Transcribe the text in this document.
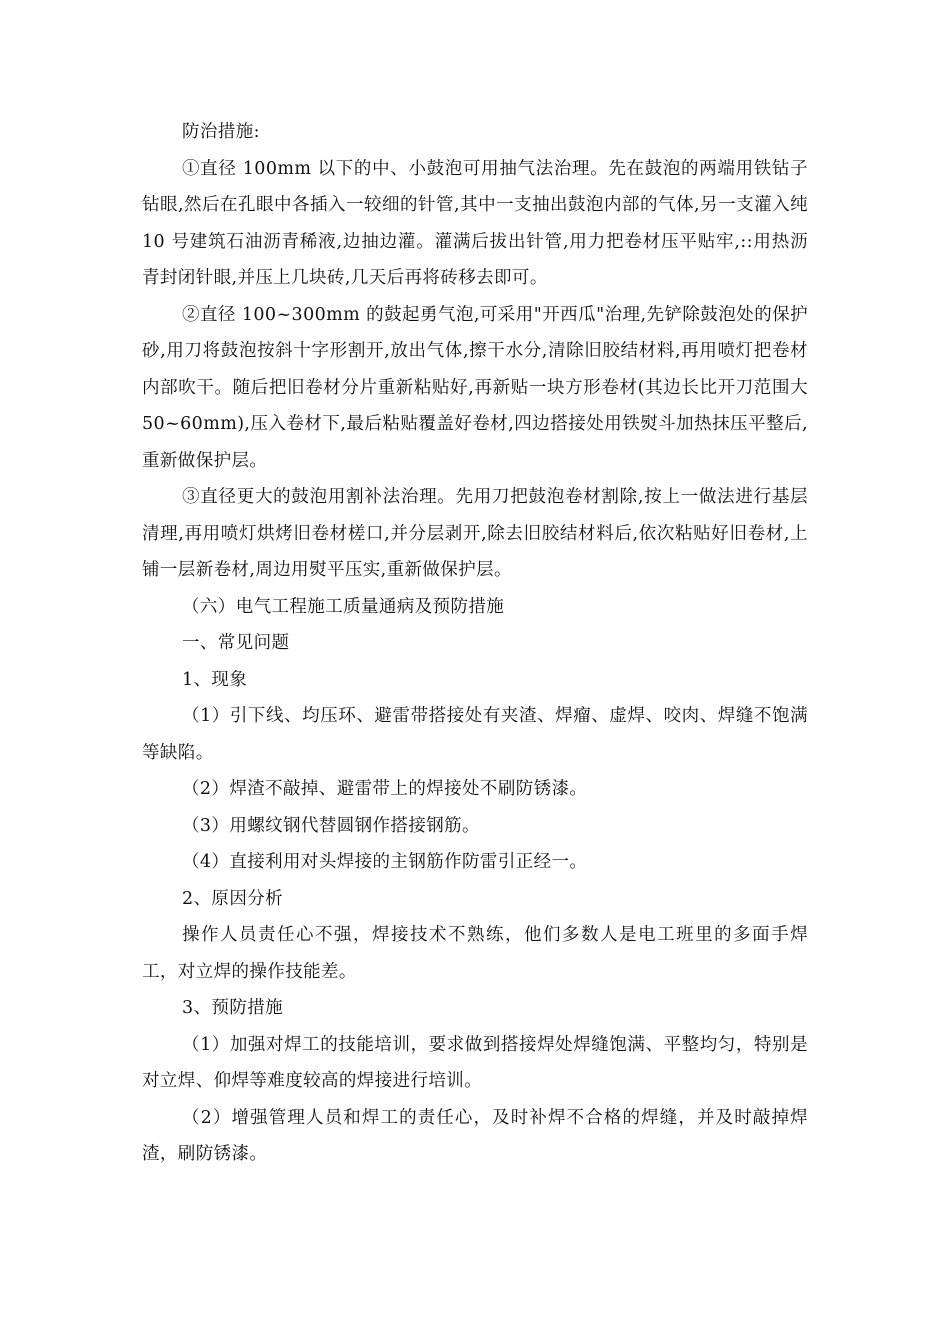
防治措施:

①直径 100mm 以下的中、小鼓泡可用抽气法治理。先在鼓泡的两端用铁钻子钻眼,然后在孔眼中各插入一较细的针管,其中一支抽出鼓泡内部的气体,另一支灌入纯 10 号建筑石油沥青稀液,边抽边灌。灌满后拔出针管,用力把卷材压平贴牢,::用热沥青封闭针眼,并压上几块砖,几天后再将砖移去即可。

②直径 100~300mm 的鼓起勇气泡,可采用"开西瓜"治理,先铲除鼓泡处的保护砂,用刀将鼓泡按斜十字形割开,放出气体,擦干水分,清除旧胶结材料,再用喷灯把卷材内部吹干。随后把旧卷材分片重新粘贴好,再新贴一块方形卷材(其边长比开刀范围大 50~60mm),压入卷材下,最后粘贴覆盖好卷材,四边搭接处用铁熨斗加热抹压平整后,重新做保护层。

③直径更大的鼓泡用割补法治理。先用刀把鼓泡卷材割除,按上一做法进行基层清理,再用喷灯烘烤旧卷材槎口,并分层剥开,除去旧胶结材料后,依次粘贴好旧卷材,上铺一层新卷材,周边用熨平压实,重新做保护层。

（六）电气工程施工质量通病及预防措施

一、常见问题

1、现象

（1）引下线、均压环、避雷带搭接处有夹渣、焊瘤、虚焊、咬肉、焊缝不饱满等缺陷。

（2）焊渣不敲掉、避雷带上的焊接处不刷防锈漆。

（3）用螺纹钢代替圆钢作搭接钢筋。

（4）直接利用对头焊接的主钢筋作防雷引正经一。

2、原因分析

操作人员责任心不强，焊接技术不熟练，他们多数人是电工班里的多面手焊工，对立焊的操作技能差。

3、预防措施

（1）加强对焊工的技能培训，要求做到搭接焊处焊缝饱满、平整均匀，特别是对立焊、仰焊等难度较高的焊接进行培训。

（2）增强管理人员和焊工的责任心，及时补焊不合格的焊缝，并及时敲掉焊渣，刷防锈漆。
